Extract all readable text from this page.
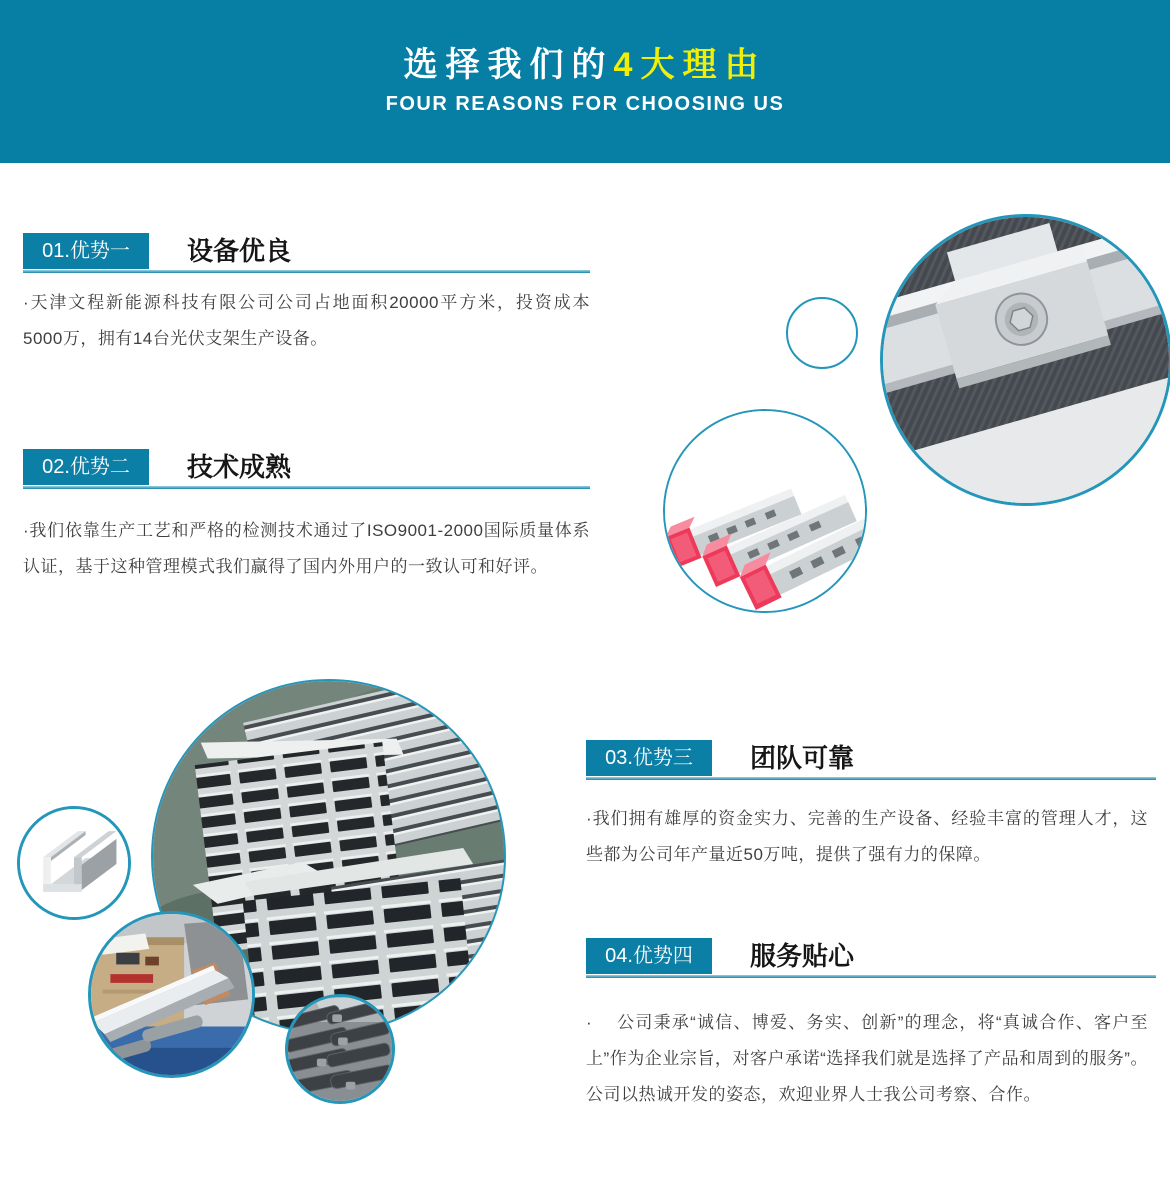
选择我们的4大理由
FOUR REASONS FOR CHOOSING US
01.优势一	设备优良

·天津文程新能源科技有限公司公司占地面积20000平方米，投资成本5000万，拥有14台光伏支架生产设备。

02.优势二	技术成熟

·我们依靠生产工艺和严格的检测技术通过了ISO9001-2000国际质量体系认证，基于这种管理模式我们赢得了国内外用户的一致认可和好评。

03.优势三	团队可靠

·我们拥有雄厚的资金实力、完善的生产设备、经验丰富的管理人才，这些都为公司年产量近50万吨，提供了强有力的保障。

04.优势四	服务贴心

·　 公司秉承“诚信、博爱、务实、创新”的理念，将“真诚合作、客户至上”作为企业宗旨，对客户承诺“选择我们就是选择了产品和周到的服务”。公司以热诚开发的姿态，欢迎业界人士我公司考察、合作。
